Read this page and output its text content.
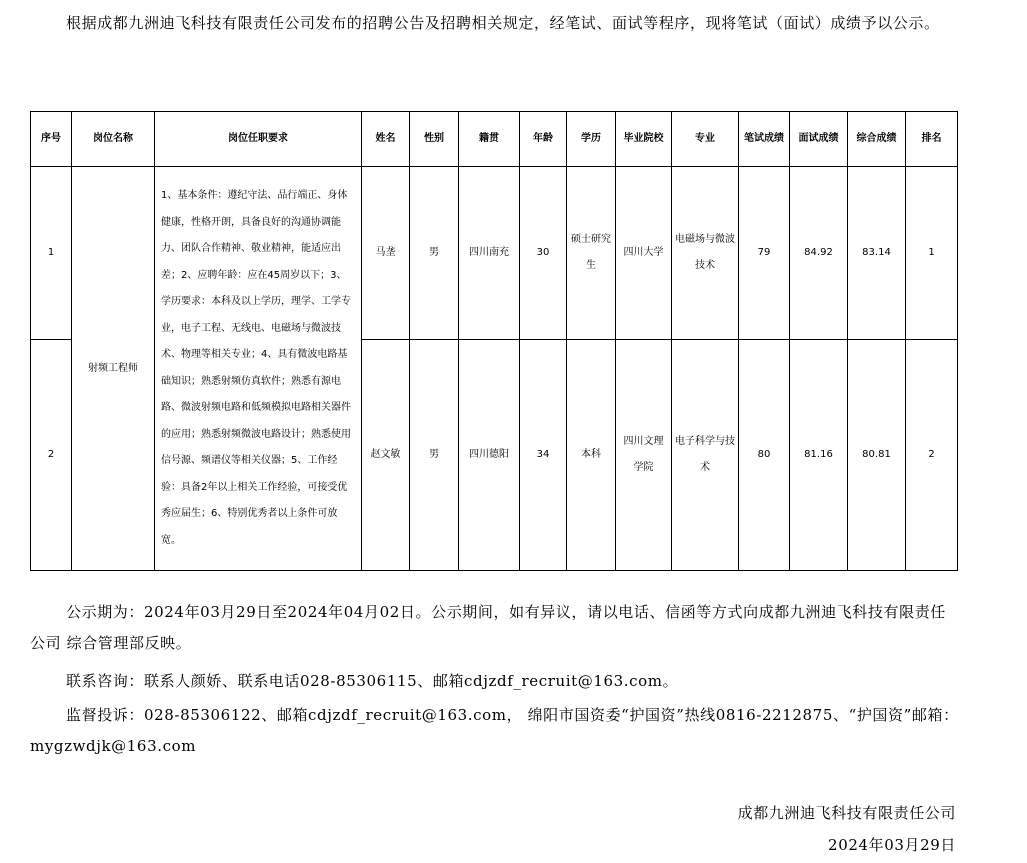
根据成都九洲迪飞科技有限责任公司发布的招聘公告及招聘相关规定，经笔试、面试等程序，现将笔试（面试）成绩予以公示。

序号	岗位名称	岗位任职要求	姓名	性别	籍贯	年龄	学历	毕业院校	专业	笔试成绩	面试成绩	综合成绩	排名
1	射频工程师	1、基本条件：遵纪守法、品行端正、身体健康，性格开朗，具备良好的沟通协调能力、团队合作精神、敬业精神，能适应出差；2、应聘年龄：应在45周岁以下；3、学历要求：本科及以上学历，理学、工学专业，电子工程、无线电、电磁场与微波技术、物理等相关专业；4、具有微波电路基础知识；熟悉射频仿真软件；熟悉有源电路、微波射频电路和低频模拟电路相关器件的应用；熟悉射频微波电路设计；熟悉使用信号源、频谱仪等相关仪器；5、工作经验：具备2年以上相关工作经验，可接受优秀应届生；6、特别优秀者以上条件可放宽。	马垄	男	四川南充	30	硕士研究生	四川大学	电磁场与微波技术	79	84.92	83.14	1
2			赵文敏	男	四川德阳	34	本科	四川文理学院	电子科学与技术	80	81.16	80.81	2

公示期为：2024年03月29日至2024年04月02日。公示期间，如有异议，请以电话、信函等方式向成都九洲迪飞科技有限责任公司 综合管理部反映。

联系咨询：联系人颜娇、联系电话028-85306115、邮箱cdjzdf_recruit@163.com。

监督投诉：028-85306122、邮箱cdjzdf_recruit@163.com， 绵阳市国资委“护国资”热线0816-2212875、“护国资”邮箱：mygzwdjk@163.com

成都九洲迪飞科技有限责任公司
2024年03月29日
